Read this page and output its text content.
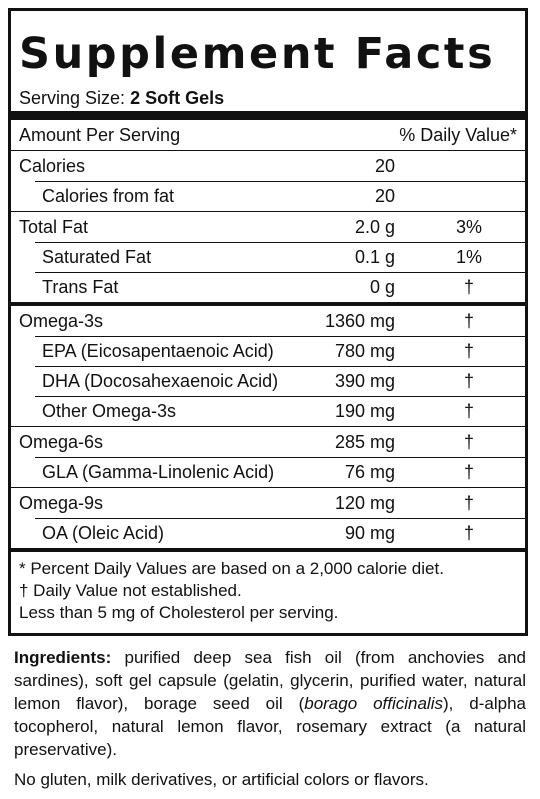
Supplement Facts
Serving Size: 2 Soft Gels
Amount Per Serving	% Daily Value*
Calories	20
Calories from fat	20
Total Fat	2.0 g	3%
Saturated Fat	0.1 g	1%
Trans Fat	0 g	†
Omega-3s	1360 mg	†
EPA (Eicosapentaenoic Acid)	780 mg	†
DHA (Docosahexaenoic Acid)	390 mg	†
Other Omega-3s	190 mg	†
Omega-6s	285 mg	†
GLA (Gamma-Linolenic Acid)	76 mg	†
Omega-9s	120 mg	†
OA (Oleic Acid)	90 mg	†
* Percent Daily Values are based on a 2,000 calorie diet.
† Daily Value not established.
Less than 5 mg of Cholesterol per serving.
Ingredients: purified deep sea fish oil (from anchovies and sardines), soft gel capsule (gelatin, glycerin, purified water, natural lemon flavor), borage seed oil (borago officinalis), d-alpha tocopherol, natural lemon flavor, rosemary extract (a natural preservative).
No gluten, milk derivatives, or artificial colors or flavors.
